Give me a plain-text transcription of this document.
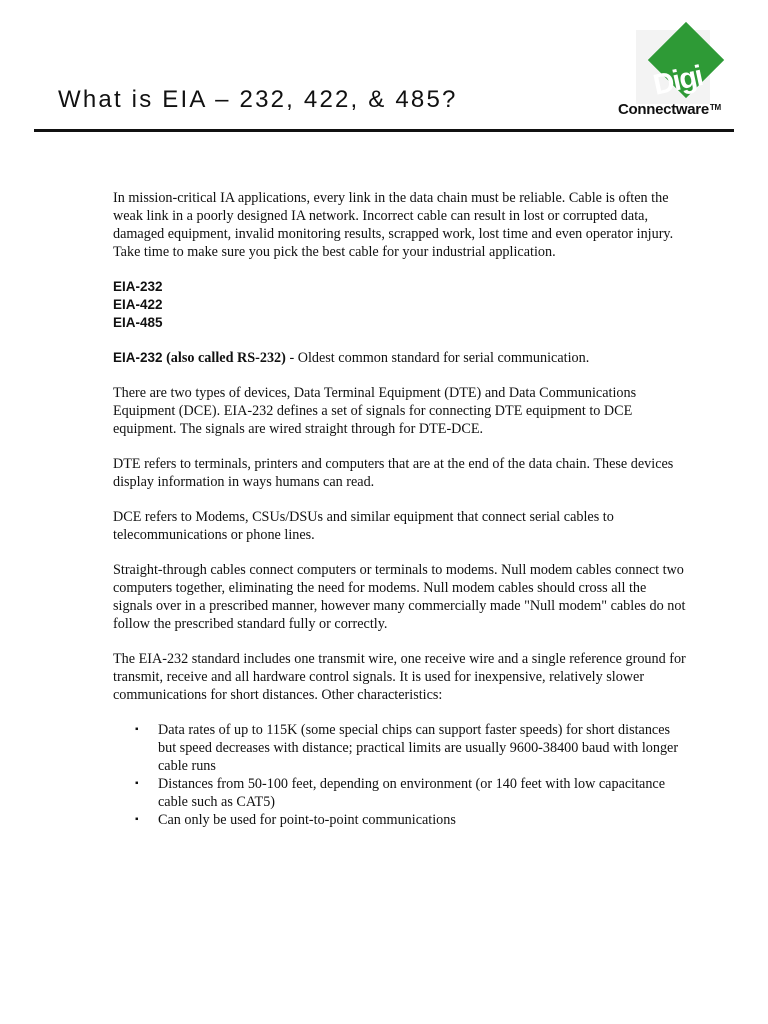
Digi
Connectware™
What is EIA – 232, 422, & 485?

In mission-critical IA applications, every link in the data chain must be reliable. Cable is often the weak link in a poorly designed IA network. Incorrect cable can result in lost or corrupted data, damaged equipment, invalid monitoring results, scrapped work, lost time and even operator injury. Take time to make sure you pick the best cable for your industrial application.

EIA-232
EIA-422
EIA-485

EIA-232 (also called RS-232) - Oldest common standard for serial communication.

There are two types of devices, Data Terminal Equipment (DTE) and Data Communications Equipment (DCE). EIA-232 defines a set of signals for connecting DTE equipment to DCE equipment. The signals are wired straight through for DTE-DCE.

DTE refers to terminals, printers and computers that are at the end of the data chain. These devices display information in ways humans can read.

DCE refers to Modems, CSUs/DSUs and similar equipment that connect serial cables to telecommunications or phone lines.

Straight-through cables connect computers or terminals to modems. Null modem cables connect two computers together, eliminating the need for modems. Null modem cables should cross all the signals over in a prescribed manner, however many commercially made "Null modem" cables do not follow the prescribed standard fully or correctly.

The EIA-232 standard includes one transmit wire, one receive wire and a single reference ground for transmit, receive and all hardware control signals. It is used for inexpensive, relatively slower communications for short distances. Other characteristics:

▪ Data rates of up to 115K (some special chips can support faster speeds) for short distances but speed decreases with distance; practical limits are usually 9600-38400 baud with longer cable runs
▪ Distances from 50-100 feet, depending on environment (or 140 feet with low capacitance cable such as CAT5)
▪ Can only be used for point-to-point communications
